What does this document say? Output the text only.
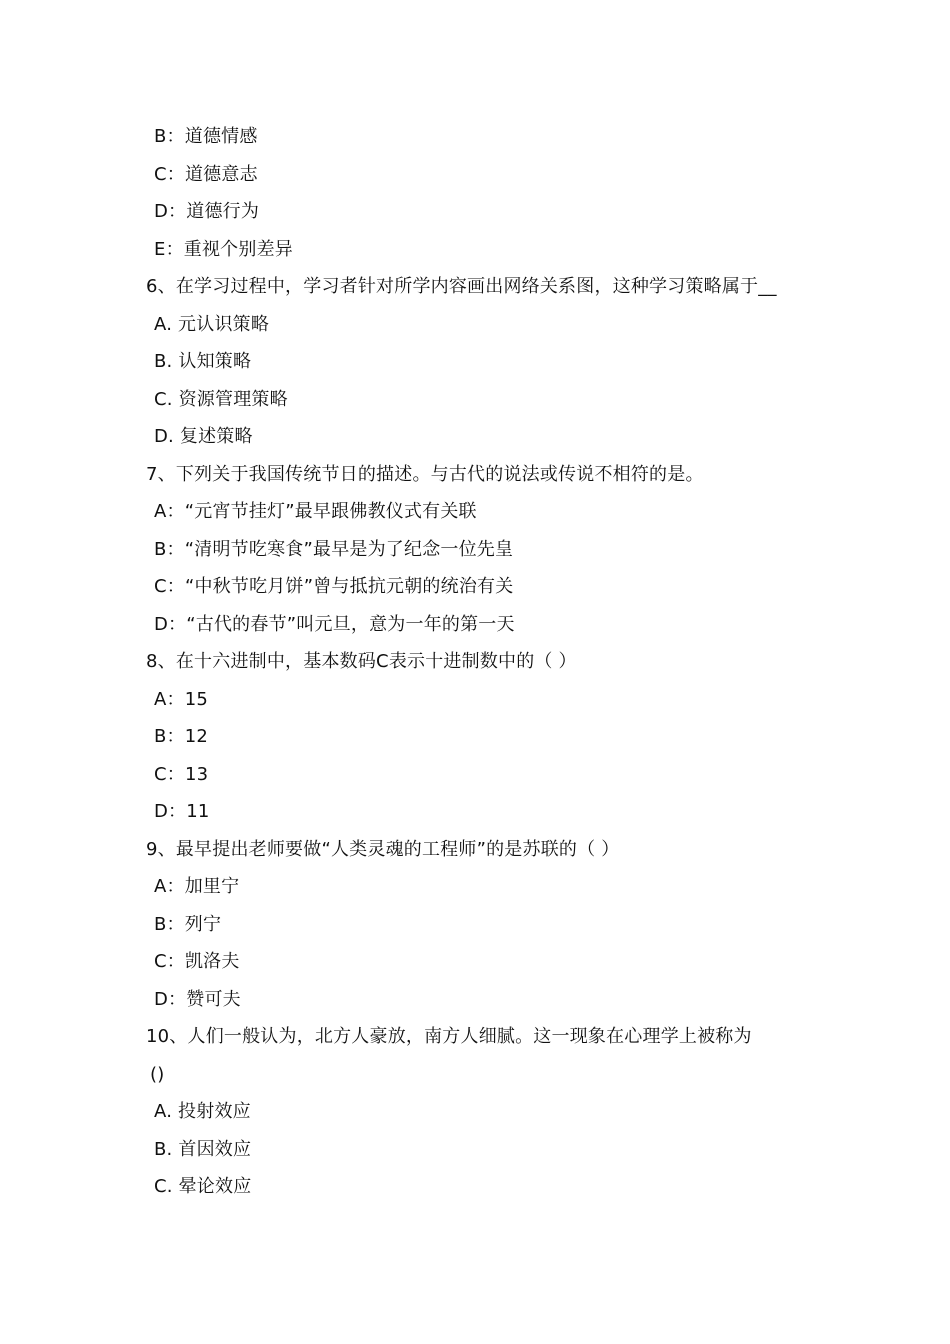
B：道德情感
C：道德意志
D：道德行为
E：重视个别差异
6、在学习过程中，学习者针对所学内容画出网络关系图，这种学习策略属于__
A. 元认识策略
B. 认知策略
C. 资源管理策略
D. 复述策略
7、下列关于我国传统节日的描述。与古代的说法或传说不相符的是。
A：“元宵节挂灯”最早跟佛教仪式有关联
B：“清明节吃寒食”最早是为了纪念一位先皇
C：“中秋节吃月饼”曾与抵抗元朝的统治有关
D：“古代的春节”叫元旦，意为一年的第一天
8、在十六进制中，基本数码C表示十进制数中的（ ）
A：15
B：12
C：13
D：11
9、最早提出老师要做“人类灵魂的工程师”的是苏联的（ ）
A：加里宁
B：列宁
C：凯洛夫
D：赞可夫
10、人们一般认为，北方人豪放，南方人细腻。这一现象在心理学上被称为
()
A. 投射效应
B. 首因效应
C. 晕论效应
